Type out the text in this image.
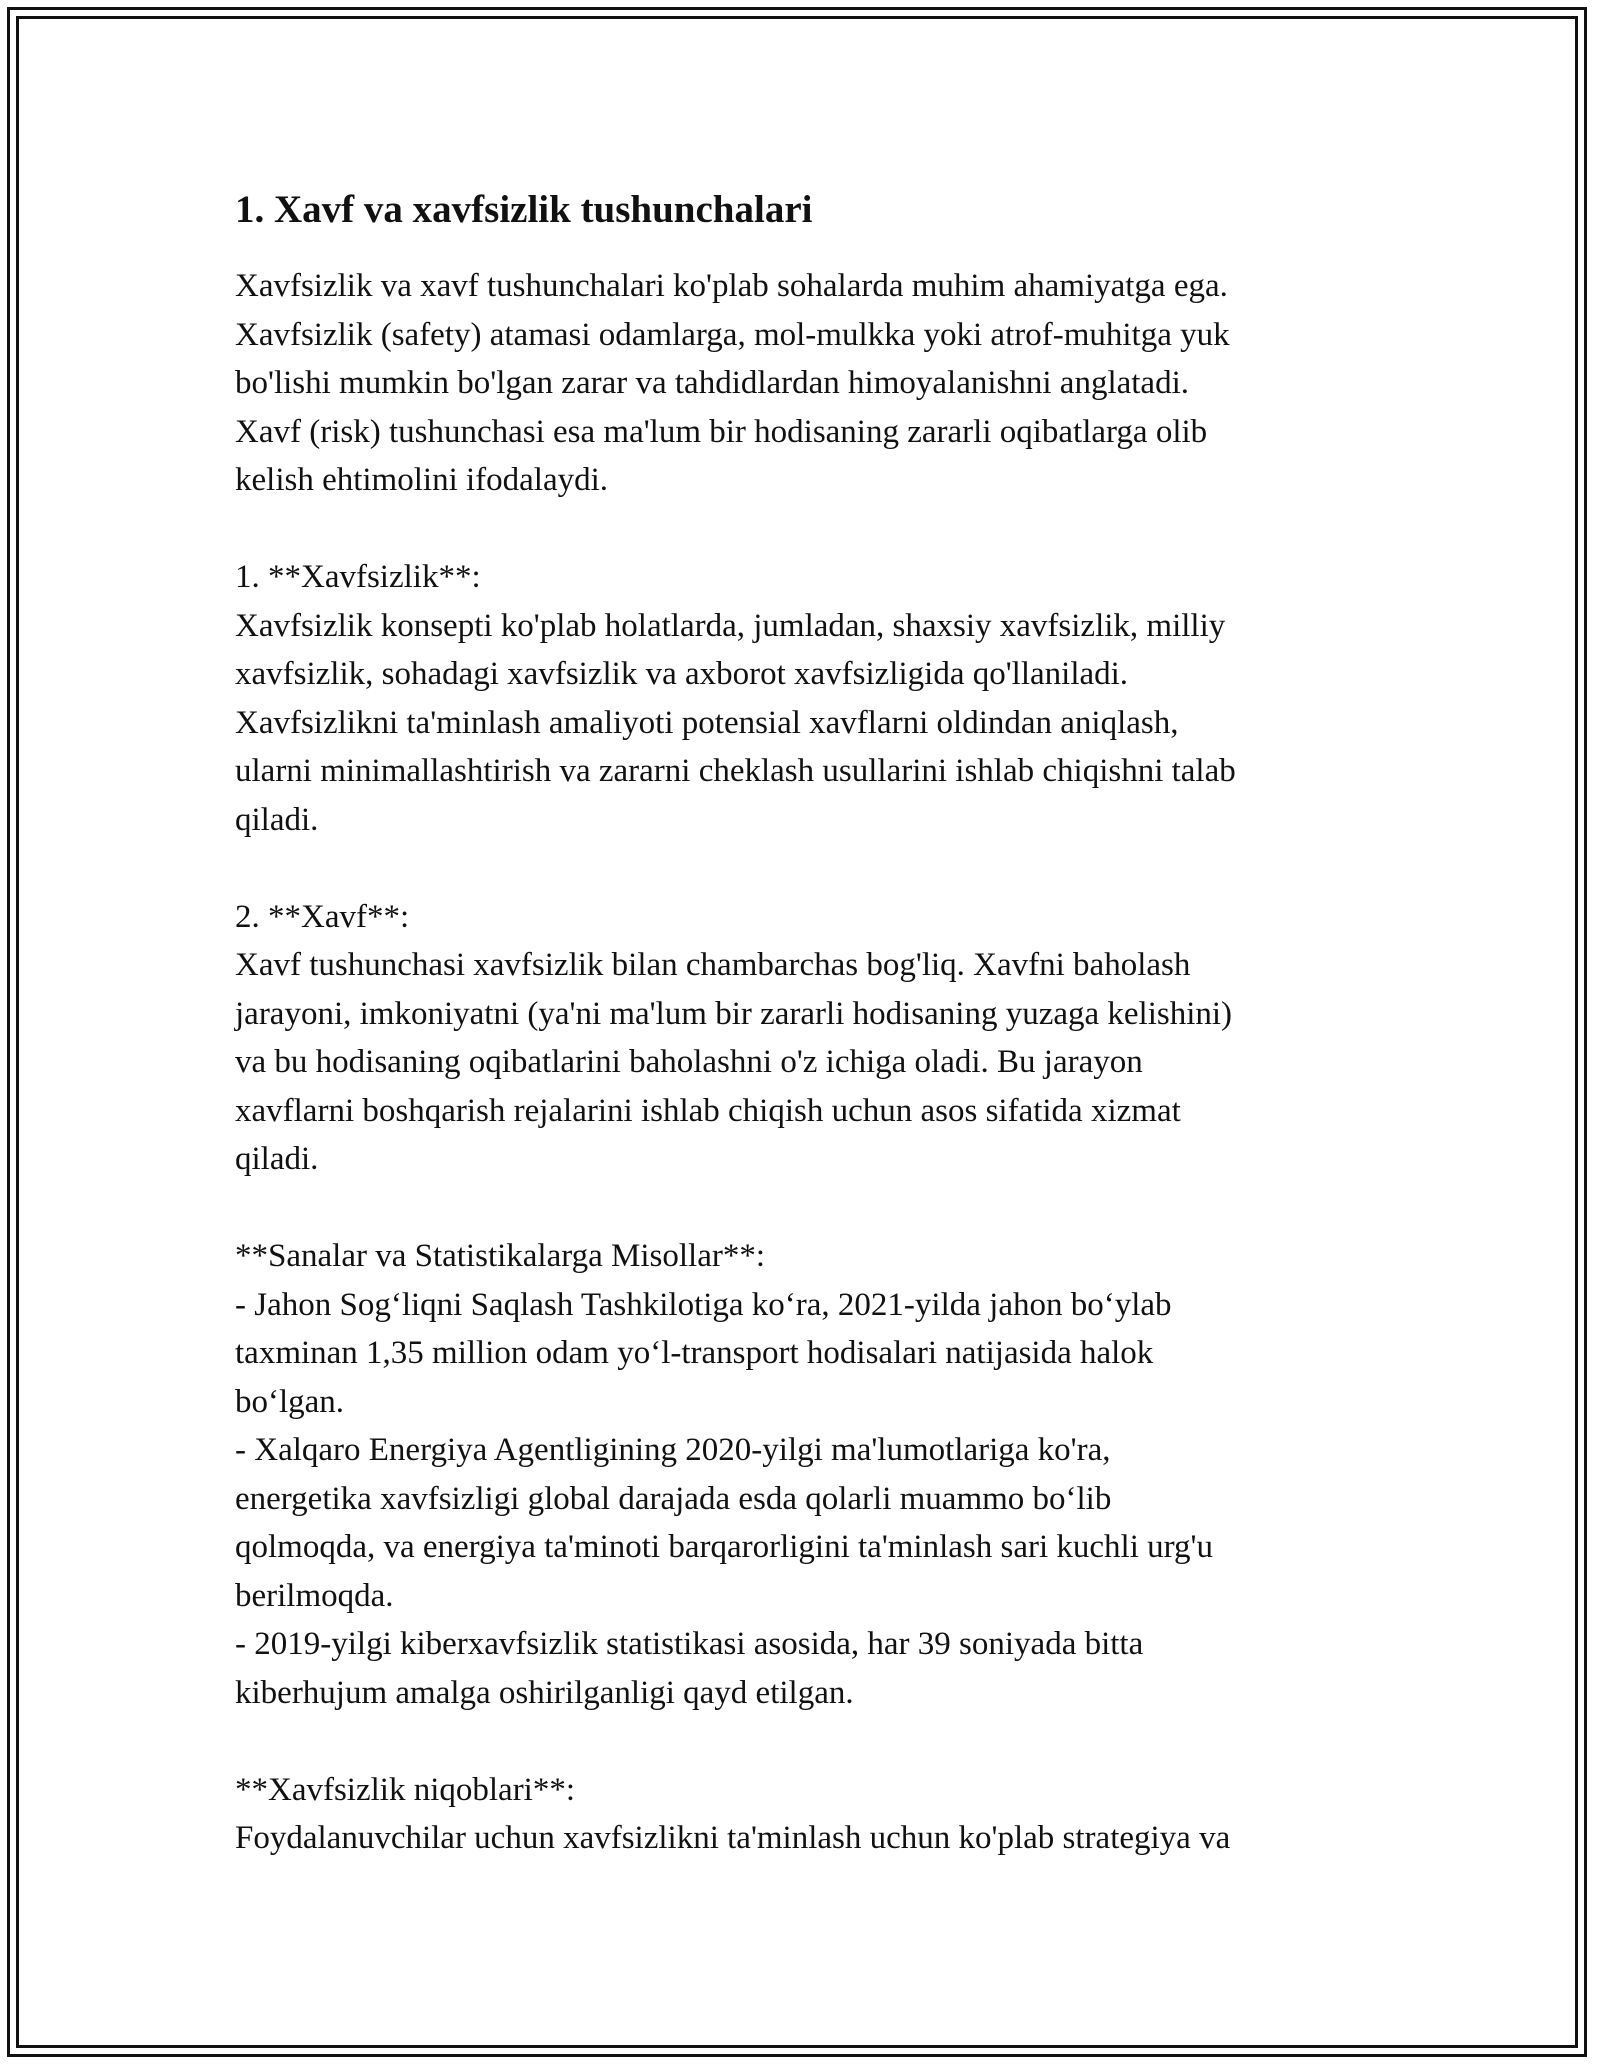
1. Xavf va xavfsizlik tushunchalari

Xavfsizlik va xavf tushunchalari ko'plab sohalarda muhim ahamiyatga ega.
Xavfsizlik (safety) atamasi odamlarga, mol-mulkka yoki atrof-muhitga yuk
bo'lishi mumkin bo'lgan zarar va tahdidlardan himoyalanishni anglatadi.
Xavf (risk) tushunchasi esa ma'lum bir hodisaning zararli oqibatlarga olib
kelish ehtimolini ifodalaydi.

1. **Xavfsizlik**:
Xavfsizlik konsepti ko'plab holatlarda, jumladan, shaxsiy xavfsizlik, milliy
xavfsizlik, sohadagi xavfsizlik va axborot xavfsizligida qo'llaniladi.
Xavfsizlikni ta'minlash amaliyoti potensial xavflarni oldindan aniqlash,
ularni minimallashtirish va zararni cheklash usullarini ishlab chiqishni talab
qiladi.

2. **Xavf**:
Xavf tushunchasi xavfsizlik bilan chambarchas bog'liq. Xavfni baholash
jarayoni, imkoniyatni (ya'ni ma'lum bir zararli hodisaning yuzaga kelishini)
va bu hodisaning oqibatlarini baholashni o'z ichiga oladi. Bu jarayon
xavflarni boshqarish rejalarini ishlab chiqish uchun asos sifatida xizmat
qiladi.

**Sanalar va Statistikalarga Misollar**:
- Jahon Sog‘liqni Saqlash Tashkilotiga ko‘ra, 2021-yilda jahon bo‘ylab
taxminan 1,35 million odam yo‘l-transport hodisalari natijasida halok
bo‘lgan.
- Xalqaro Energiya Agentligining 2020-yilgi ma'lumotlariga ko'ra,
energetika xavfsizligi global darajada esda qolarli muammo bo‘lib
qolmoqda, va energiya ta'minoti barqarorligini ta'minlash sari kuchli urg'u
berilmoqda.
- 2019-yilgi kiberxavfsizlik statistikasi asosida, har 39 soniyada bitta
kiberhujum amalga oshirilganligi qayd etilgan.

**Xavfsizlik niqoblari**:
Foydalanuvchilar uchun xavfsizlikni ta'minlash uchun ko'plab strategiya va
